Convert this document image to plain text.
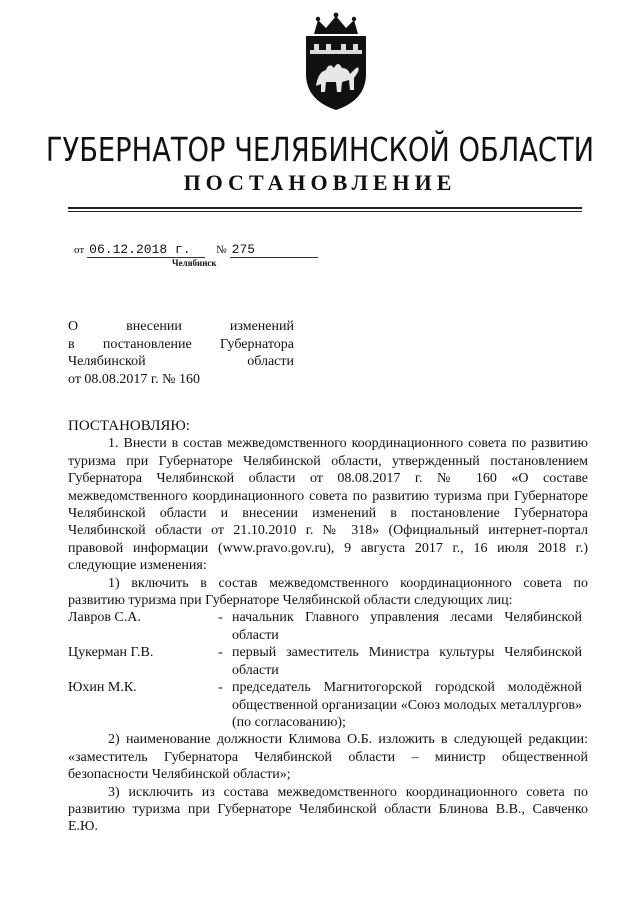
ГУБЕРНАТОР ЧЕЛЯБИНСКОЙ ОБЛАСТИ
ПОСТАНОВЛЕНИЕ
от 06.12.2018 г. № 275
Челябинск
О внесении изменений
в постановление Губернатора
Челябинской области
от 08.08.2017 г. № 160

ПОСТАНОВЛЯЮ:

1. Внести в состав межведомственного координационного совета по развитию туризма при Губернаторе Челябинской области, утвержденный постановлением Губернатора Челябинской области от 08.08.2017 г. № 160 «О составе межведомственного координационного совета по развитию туризма при Губернаторе Челябинской области и внесении изменений в постановление Губернатора Челябинской области от 21.10.2010 г. № 318» (Официальный интернет-портал правовой информации (www.pravo.gov.ru), 9 августа 2017 г., 16 июля 2018 г.) следующие изменения:

1) включить в состав межведомственного координационного совета по развитию туризма при Губернаторе Челябинской области следующих лиц:

Лавров С.А.	- начальник Главного управления лесами Челябинской области
Цукерман Г.В.	- первый заместитель Министра культуры Челябинской области
Юхин М.К.	- председатель Магнитогорской городской молодёжной общественной организации «Союз молодых металлургов» (по согласованию);

2) наименование должности Климова О.Б. изложить в следующей редакции: «заместитель Губернатора Челябинской области – министр общественной безопасности Челябинской области»;

3) исключить из состава межведомственного координационного совета по развитию туризма при Губернаторе Челябинской области Блинова В.В., Савченко Е.Ю.
